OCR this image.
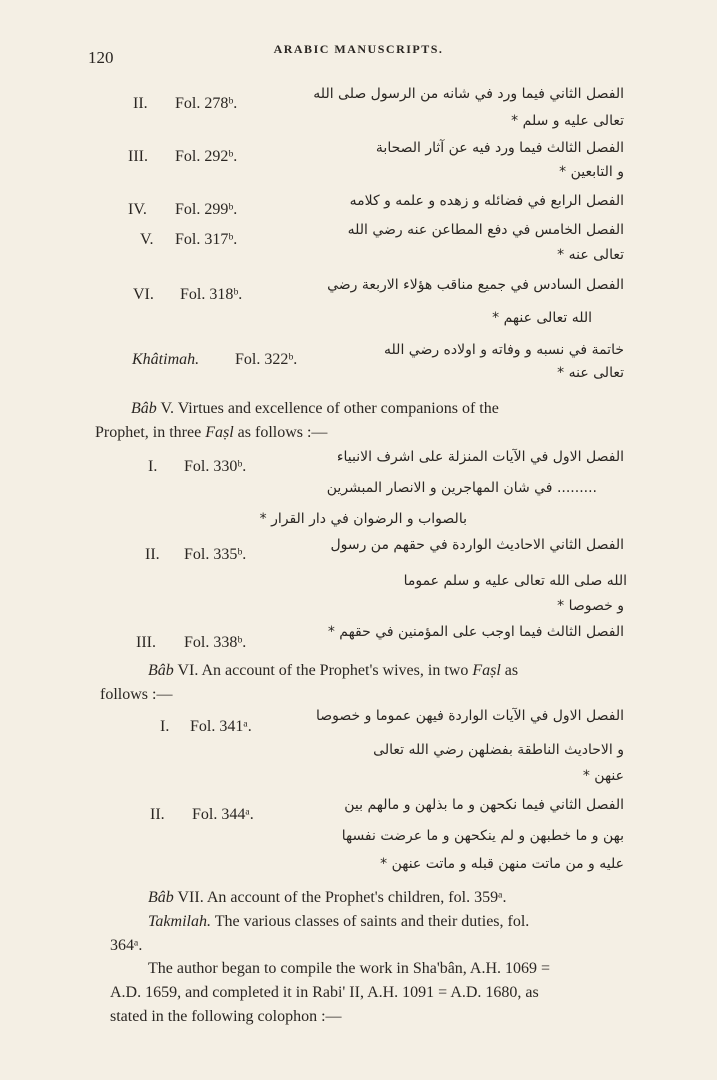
120	ARABIC MANUSCRIPTS.
II. Fol. 278ᵇ.
الفصل الثاني فيما ورد في شانه من الرسول صلى الله
تعالى عليه و سلم *
III. Fol. 292ᵇ.	الفصل الثالث فيما ورد فيه عن آثار الصحابة
و التابعين *
IV. Fol. 299ᵇ.	الفصل الرابع في فضائله و زهده و علمه و كلامه
V. Fol. 317ᵇ.
الفصل الخامس في دفع المطاعن عنه رضي الله
تعالى عنه *
VI. Fol. 318ᵇ.
الفصل السادس في جميع مناقب هؤلاء الاربعة رضي
الله تعالى عنهم *
Khâtimah. Fol. 322ᵇ.
خاتمة في نسبه و وفاته و اولاده رضي الله
تعالى عنه *
Bâb V. Virtues and excellence of other companions of the
Prophet, in three Faṣl as follows :—
I. Fol. 330ᵇ.
الفصل الاول في الآيات المنزلة على اشرف الانبياء
......... في شان المهاجرين و الانصار المبشرين
بالصواب و الرضوان في دار القرار *
II. Fol. 335ᵇ.
الفصل الثاني الاحاديث الواردة في حقهم من رسول
الله صلى الله تعالى عليه و سلم عموما
و خصوصا *
III. Fol. 338ᵇ.
الفصل الثالث فيما اوجب على المؤمنين في حقهم *
Bâb VI. An account of the Prophet's wives, in two Faṣl as
follows :—
I. Fol. 341ᵃ.
الفصل الاول في الآيات الواردة فيهن عموما و خصوصا
و الاحاديث الناطقة بفضلهن رضي الله تعالى
عنهن *
II. Fol. 344ᵃ.
الفصل الثاني فيما نكحهن و ما بذلهن و مالهم بين
بهن و ما خطبهن و لم ينكحهن و ما عرضت نفسها
عليه و من ماتت منهن قبله و ماتت عنهن *
Bâb VII. An account of the Prophet's children, fol. 359ᵃ.
Takmilah. The various classes of saints and their duties, fol.
364ᵃ.
The author began to compile the work in Sha'bân, A.H. 1069 =
A.D. 1659, and completed it in Rabi' II, A.H. 1091 = A.D. 1680, as
stated in the following colophon :—
